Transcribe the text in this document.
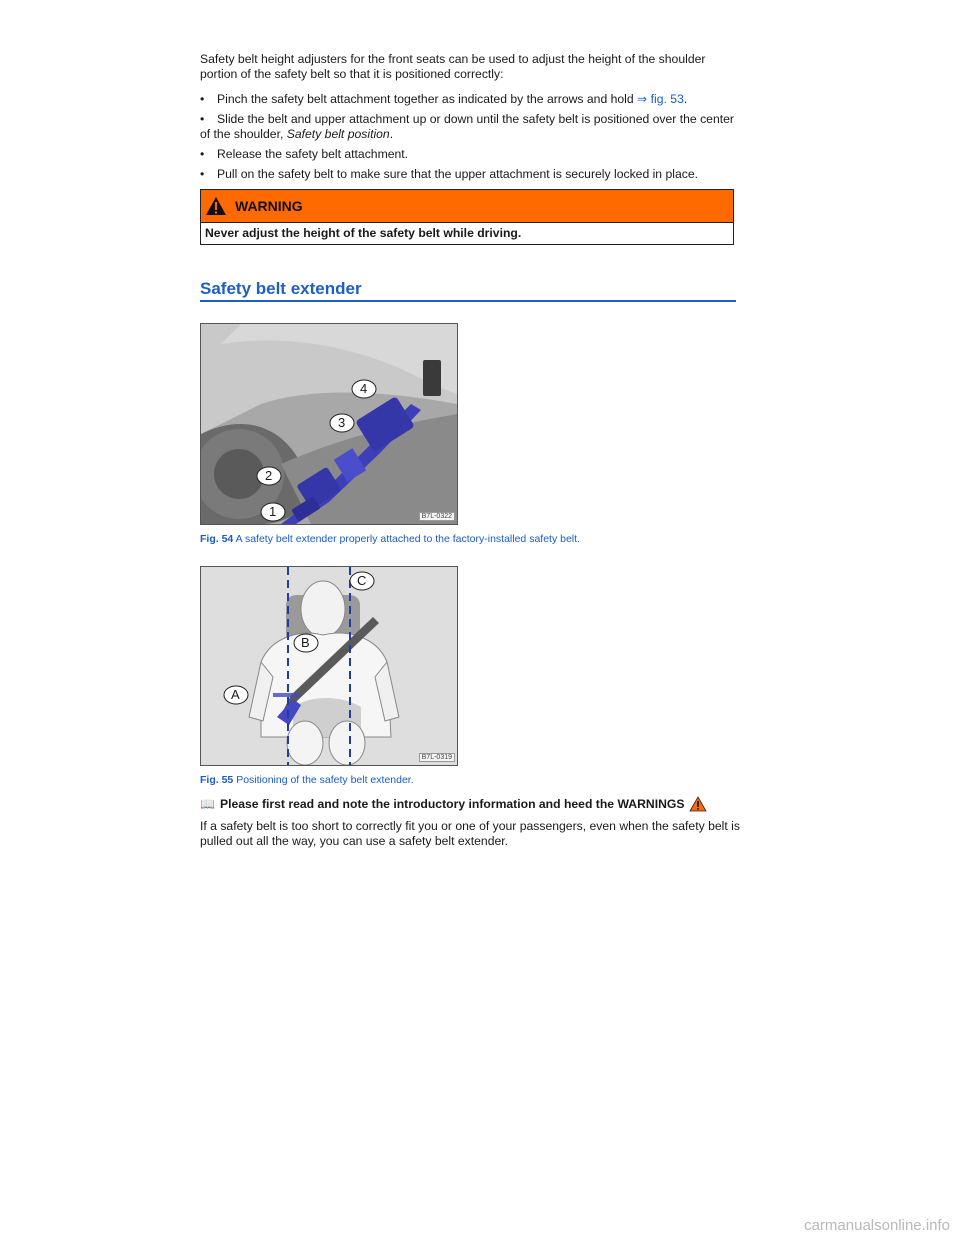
Safety belt height adjusters for the front seats can be used to adjust the height of the shoulder portion of the safety belt so that it is positioned correctly:

• Pinch the safety belt attachment together as indicated by the arrows and hold ⇒ fig. 53.
• Slide the belt and upper attachment up or down until the safety belt is positioned over the center of the shoulder, Safety belt position.
• Release the safety belt attachment.
• Pull on the safety belt to make sure that the upper attachment is securely locked in place.
WARNING
Never adjust the height of the safety belt while driving.
Safety belt extender
1
2
3
4
B7L-0322
Fig. 54 A safety belt extender properly attached to the factory-installed safety belt.
A
B
C
B7L-0319
Fig. 55 Positioning of the safety belt extender.
📖 Please first read and note the introductory information and heed the WARNINGS

If a safety belt is too short to correctly fit you or one of your passengers, even when the safety belt is pulled out all the way, you can use a safety belt extender.

carmanualsonline.info
